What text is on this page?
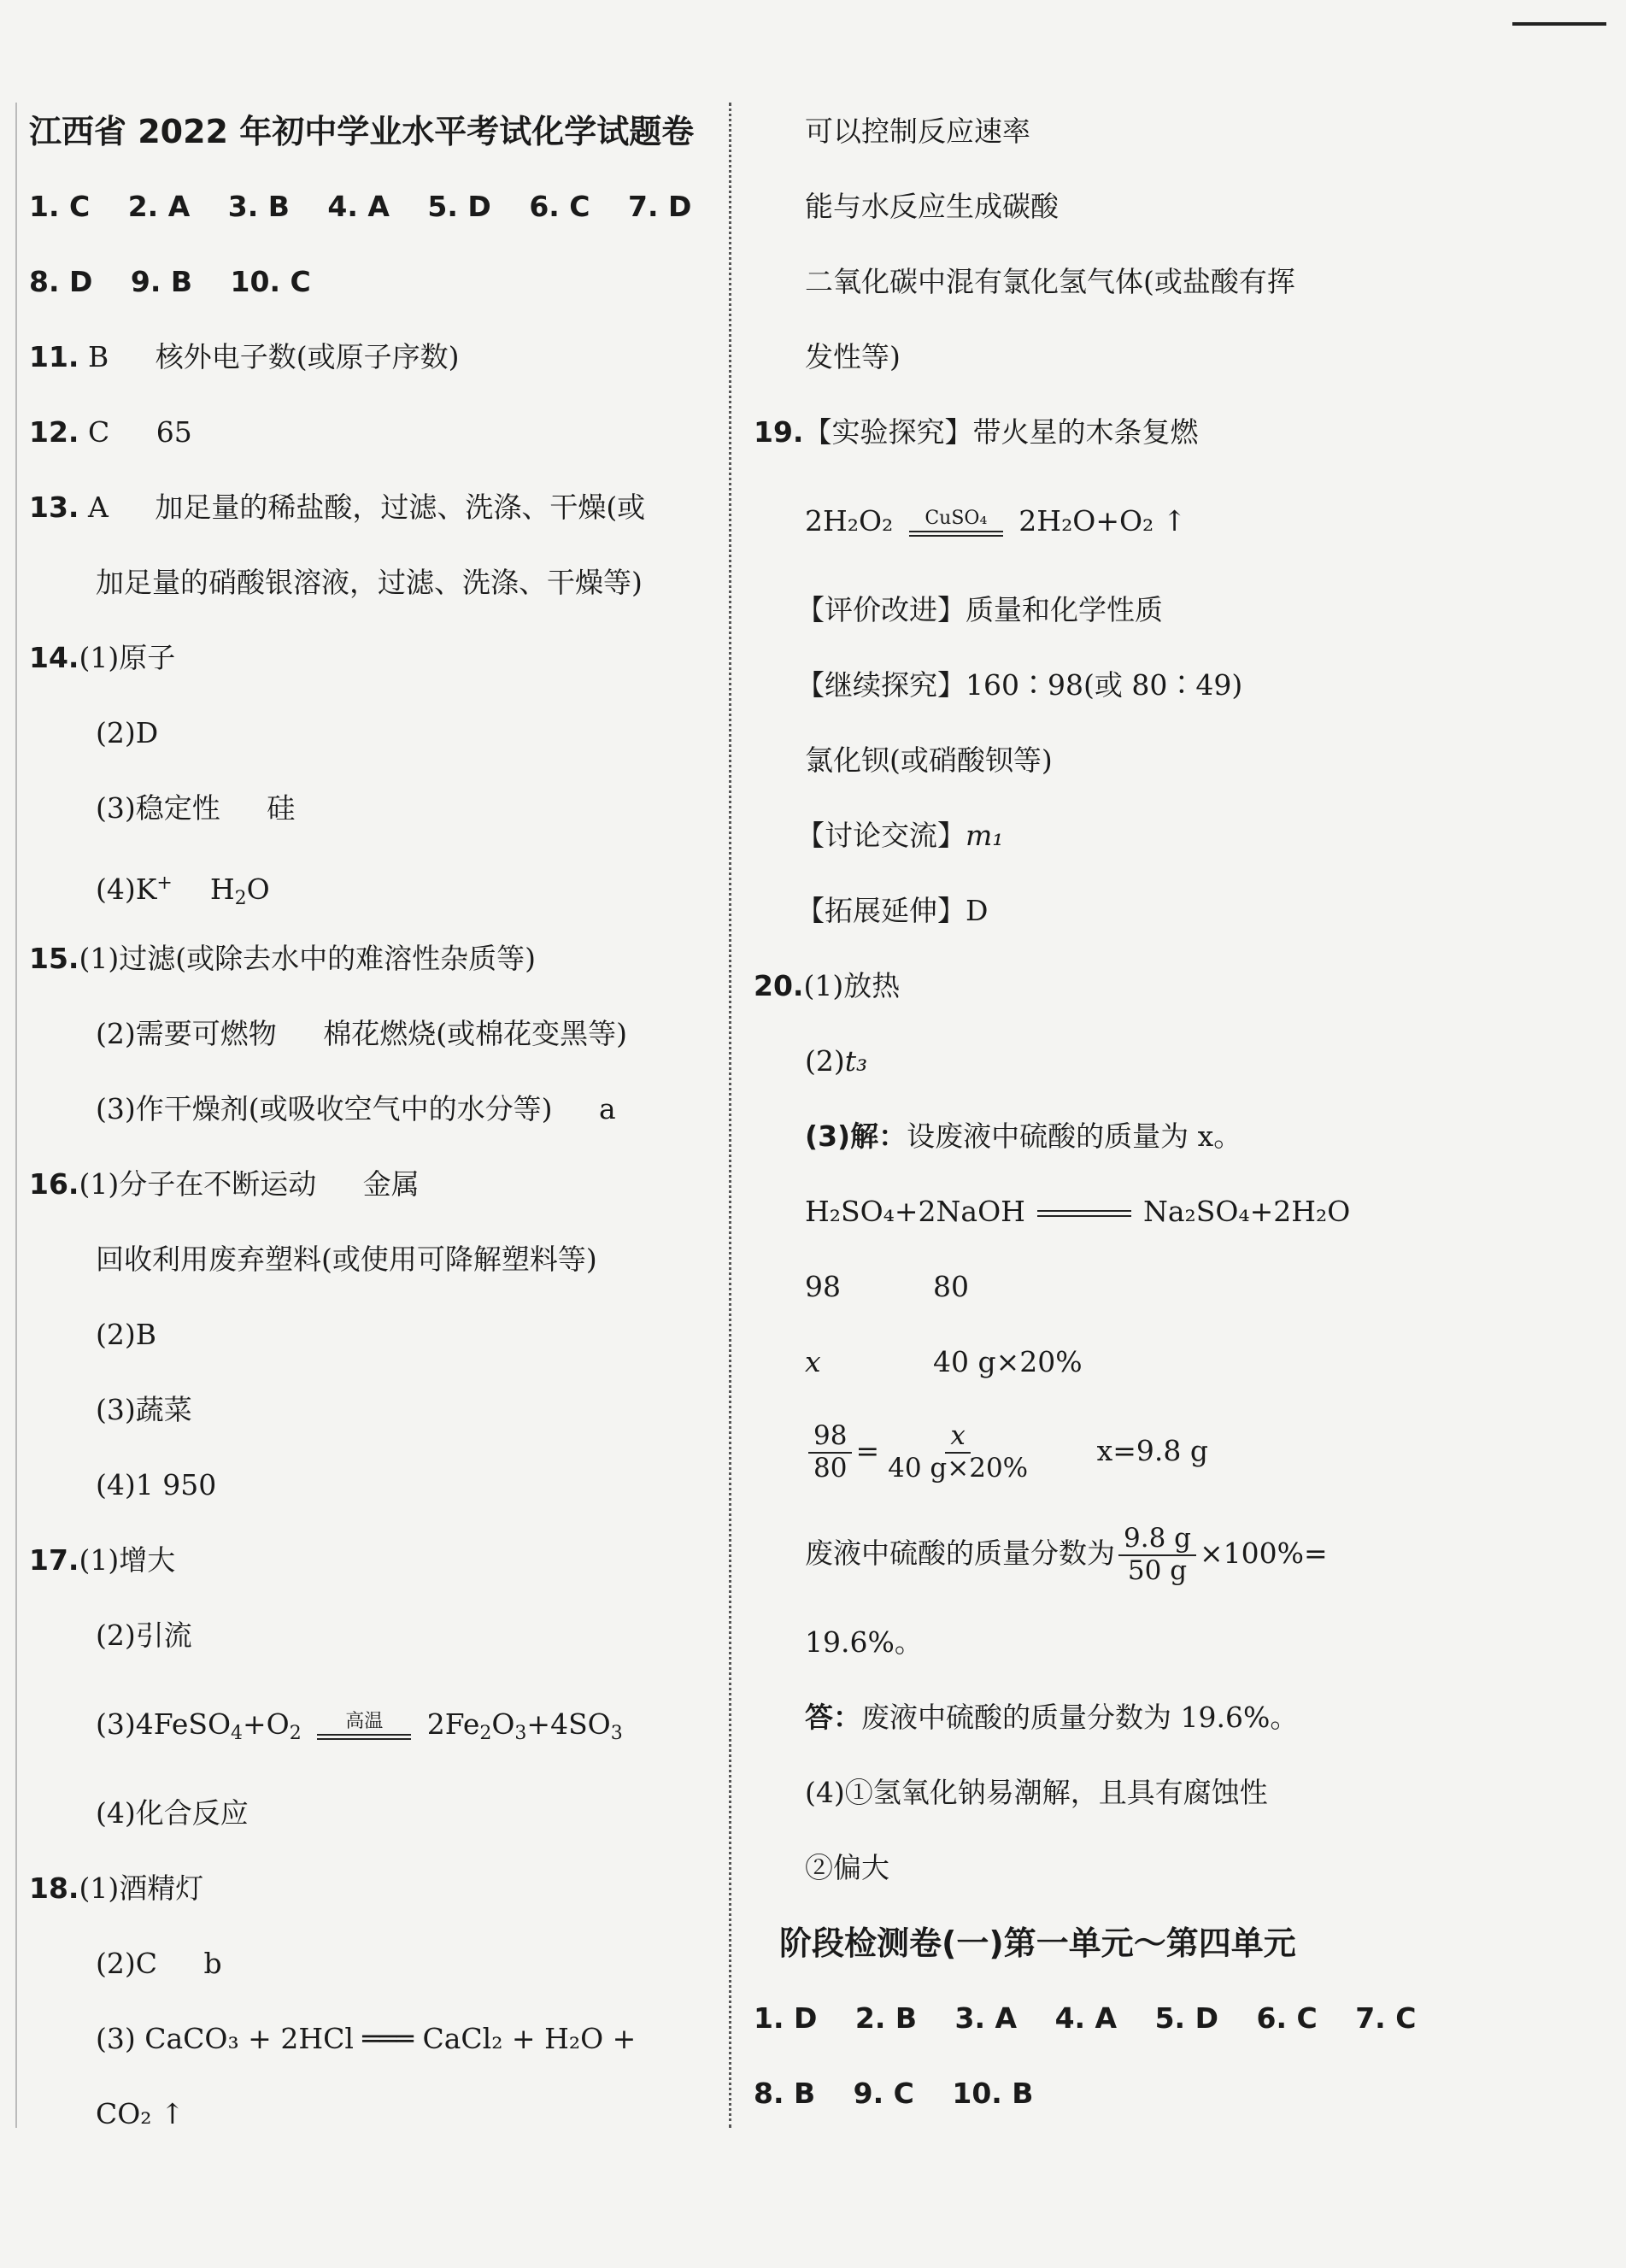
江西省 2022 年初中学业水平考试化学试题卷
1. C 2. A 3. B 4. A 5. D 6. C 7. D
8. D 9. B 10. C
11. B 核外电子数(或原子序数)
12. C 65
13. A 加足量的稀盐酸，过滤、洗涤、干燥(或
加足量的硝酸银溶液，过滤、洗涤、干燥等)
14.(1)原子
(2)D
(3)稳定性 硅
(4)K+ $H_2O$
15.(1)过滤(或除去水中的难溶性杂质等)
(2)需要可燃物 棉花燃烧(或棉花变黑等)
(3)作干燥剂(或吸收空气中的水分等) a
16.(1)分子在不断运动 金属
回收利用废弃塑料(或使用可降解塑料等)
(2)B
(3)蔬菜
(4)1 950
17.(1)增大
(2)引流
$(3)4FeSO_4+O_2$
高温 $2Fe_2O_3+4SO_3$
(4)化合反应
18.(1)酒精灯
(2)C b
(3) CaCO₃ + 2HCl ═══ CaCl₂ + H₂O +
CO₂ ↑
可以控制反应速率
能与水反应生成碳酸
二氧化碳中混有氯化氢气体(或盐酸有挥
发性等)
19.【实验探究】带火星的木条复燃
2H₂O₂ CuSO₄ 2H₂O+O₂ ↑
【评价改进】质量和化学性质
【继续探究】160∶98(或 80∶49)
氯化钡(或硝酸钡等)
【讨论交流】m₁
【拓展延伸】D
20.(1)放热
(2)t₃
(3)解：设废液中硫酸的质量为 x。
H₂SO₄+2NaOH	Na₂SO₄+2H₂O
98	80
x	40 g×20%
$\frac{98}{80} = \frac{x}{40 g\times 20\%} x=9.8$ g
废液中硫酸的质量分数为 $\frac{9.8 g}{50 g} \times 100\%=$
19.6%。
答：废液中硫酸的质量分数为 19.6%。
(4)①氢氧化钠易潮解，且具有腐蚀性
②偏大
阶段检测卷(一)第一单元～第四单元
1. D 2. B 3. A 4. A 5. D 6. C 7. C
8. B 9. C 10. B
